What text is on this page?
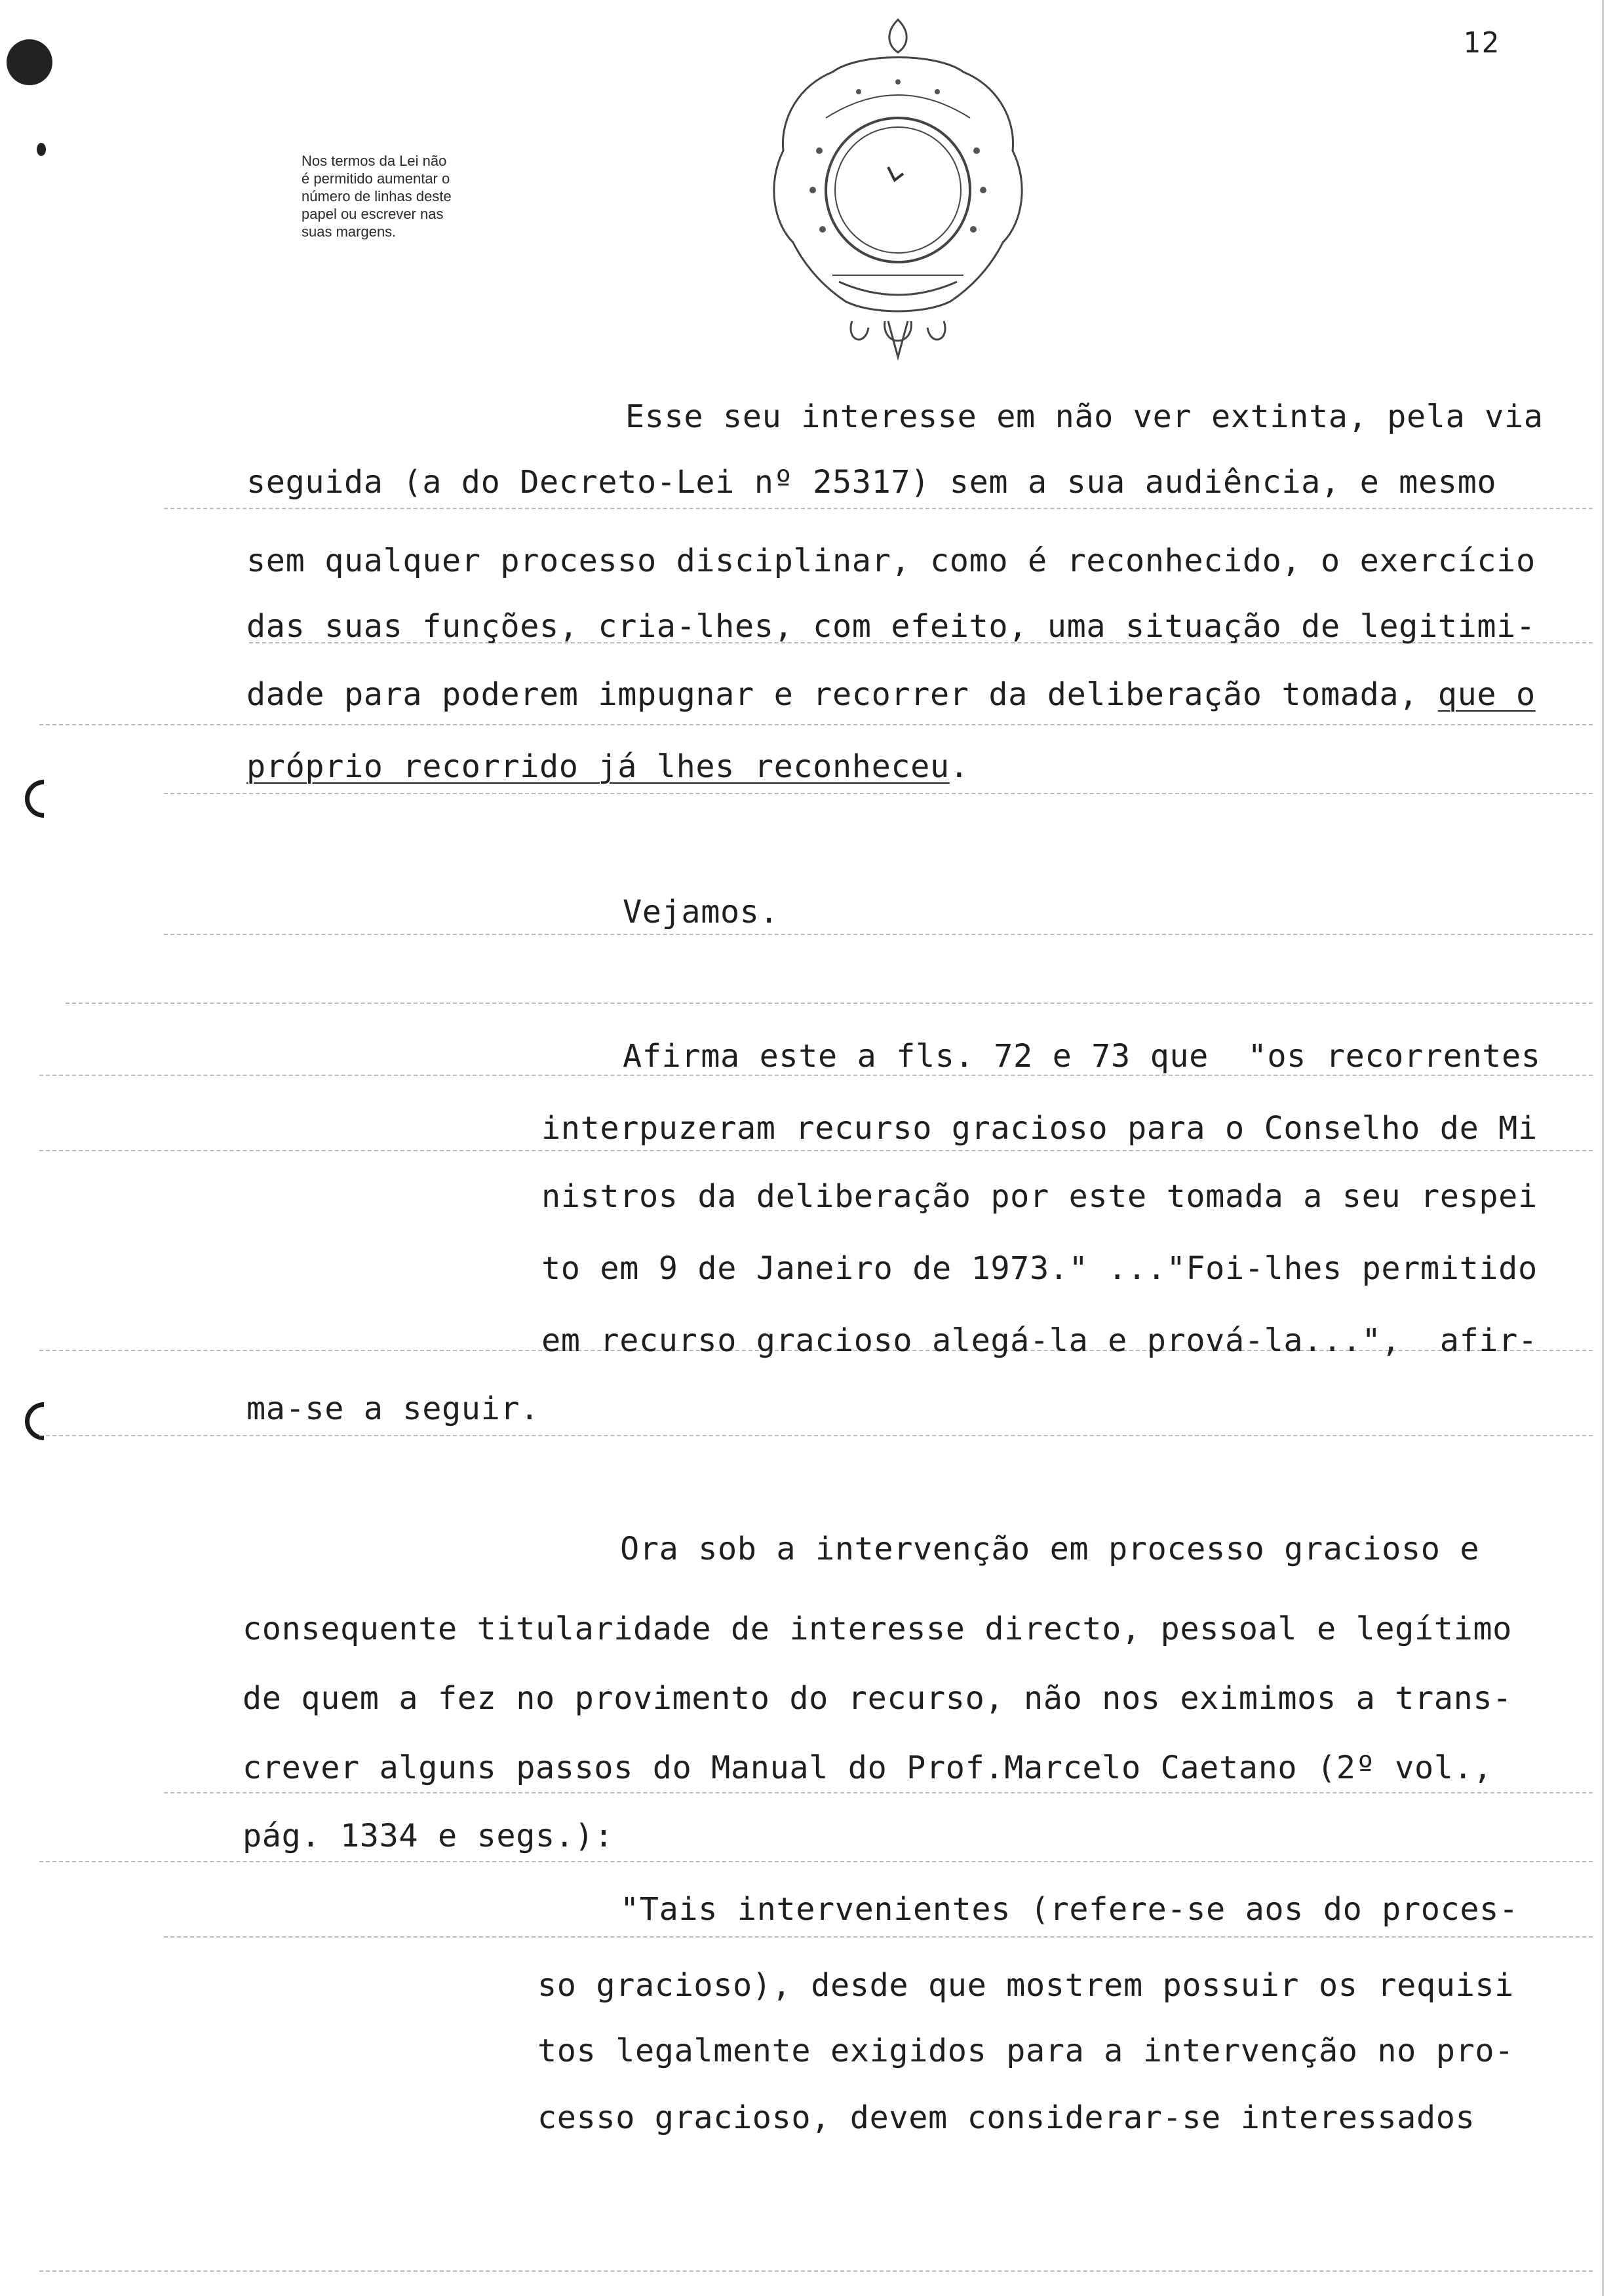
12
Nos termos da Lei não
é permitido aumentar o
número de linhas deste
papel ou escrever nas
suas margens.
Esse seu interesse em não ver extinta, pela via
seguida (a do Decreto-Lei nº 25317) sem a sua audiência, e mesmo
sem qualquer processo disciplinar, como é reconhecido, o exercício
das suas funções, cria-lhes, com efeito, uma situação de legitimi-
dade para poderem impugnar e recorrer da deliberação tomada, que o
próprio recorrido já lhes reconheceu.
Vejamos.
Afirma este a fls. 72 e 73 que  "os recorrentes
interpuzeram recurso gracioso para o Conselho de Mi
nistros da deliberação por este tomada a seu respei
to em 9 de Janeiro de 1973." ..."Foi-lhes permitido
em recurso gracioso alegá-la e prová-la...",  afir-
ma-se a seguir.
Ora sob a intervenção em processo gracioso e
consequente titularidade de interesse directo, pessoal e legítimo
de quem a fez no provimento do recurso, não nos eximimos a trans-
crever alguns passos do Manual do Prof.Marcelo Caetano (2º vol.,
pág. 1334 e segs.):
"Tais intervenientes (refere-se aos do proces-
so gracioso), desde que mostrem possuir os requisi
tos legalmente exigidos para a intervenção no pro-
cesso gracioso, devem considerar-se interessados
